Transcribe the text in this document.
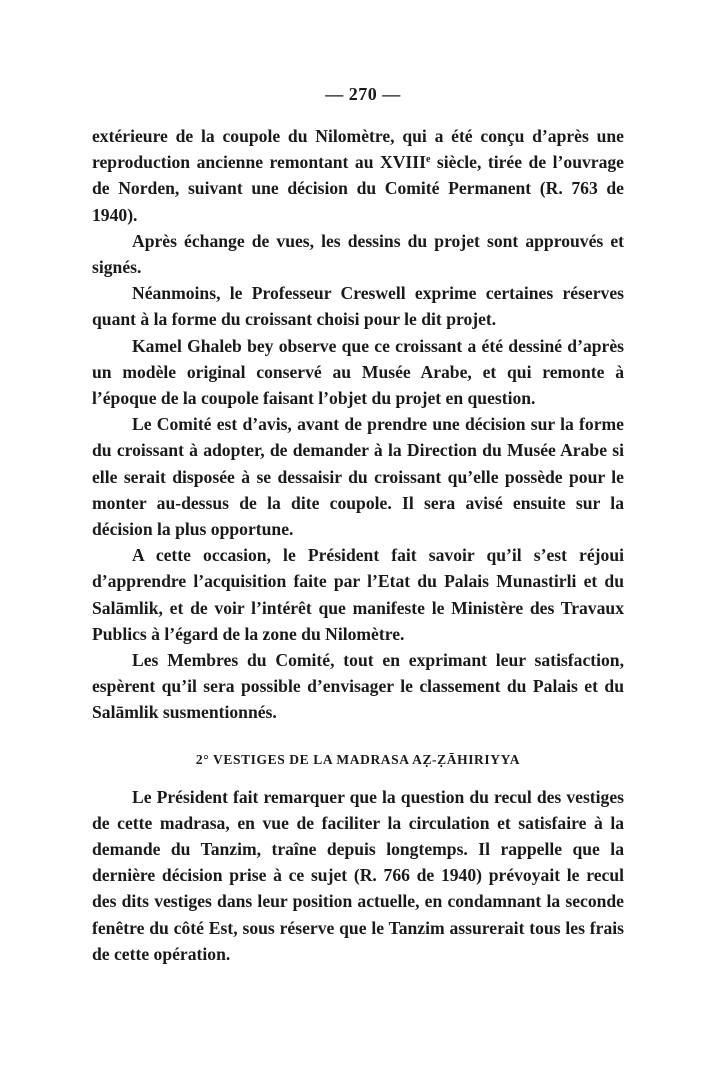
— 270 —

extérieure de la coupole du Nilomètre, qui a été conçu d’après une reproduction ancienne remontant au XVIIIe siècle, tirée de l’ouvrage de Norden, suivant une décision du Comité Permanent (R. 763 de 1940).

Après échange de vues, les dessins du projet sont approuvés et signés.

Néanmoins, le Professeur Creswell exprime certaines réserves quant à la forme du croissant choisi pour le dit projet.

Kamel Ghaleb bey observe que ce croissant a été dessiné d’après un modèle original conservé au Musée Arabe, et qui remonte à l’époque de la coupole faisant l’objet du projet en question.

Le Comité est d’avis, avant de prendre une décision sur la forme du croissant à adopter, de demander à la Direction du Musée Arabe si elle serait disposée à se dessaisir du croissant qu’elle possède pour le monter au-dessus de la dite coupole. Il sera avisé ensuite sur la décision la plus opportune.

A cette occasion, le Président fait savoir qu’il s’est réjoui d’apprendre l’acquisition faite par l’Etat du Palais Munastirli et du Salāmlik, et de voir l’intérêt que manifeste le Ministère des Travaux Publics à l’égard de la zone du Nilomètre.

Les Membres du Comité, tout en exprimant leur satisfaction, espèrent qu’il sera possible d’envisager le classement du Palais et du Salāmlik susmentionnés.

2° VESTIGES DE LA MADRASA AẒ-ẒĀHIRIYYA

Le Président fait remarquer que la question du recul des vestiges de cette madrasa, en vue de faciliter la circulation et satisfaire à la demande du Tanzim, traîne depuis longtemps. Il rappelle que la dernière décision prise à ce sujet (R. 766 de 1940) prévoyait le recul des dits vestiges dans leur position actuelle, en condamnant la seconde fenêtre du côté Est, sous réserve que le Tanzim assurerait tous les frais de cette opération.
